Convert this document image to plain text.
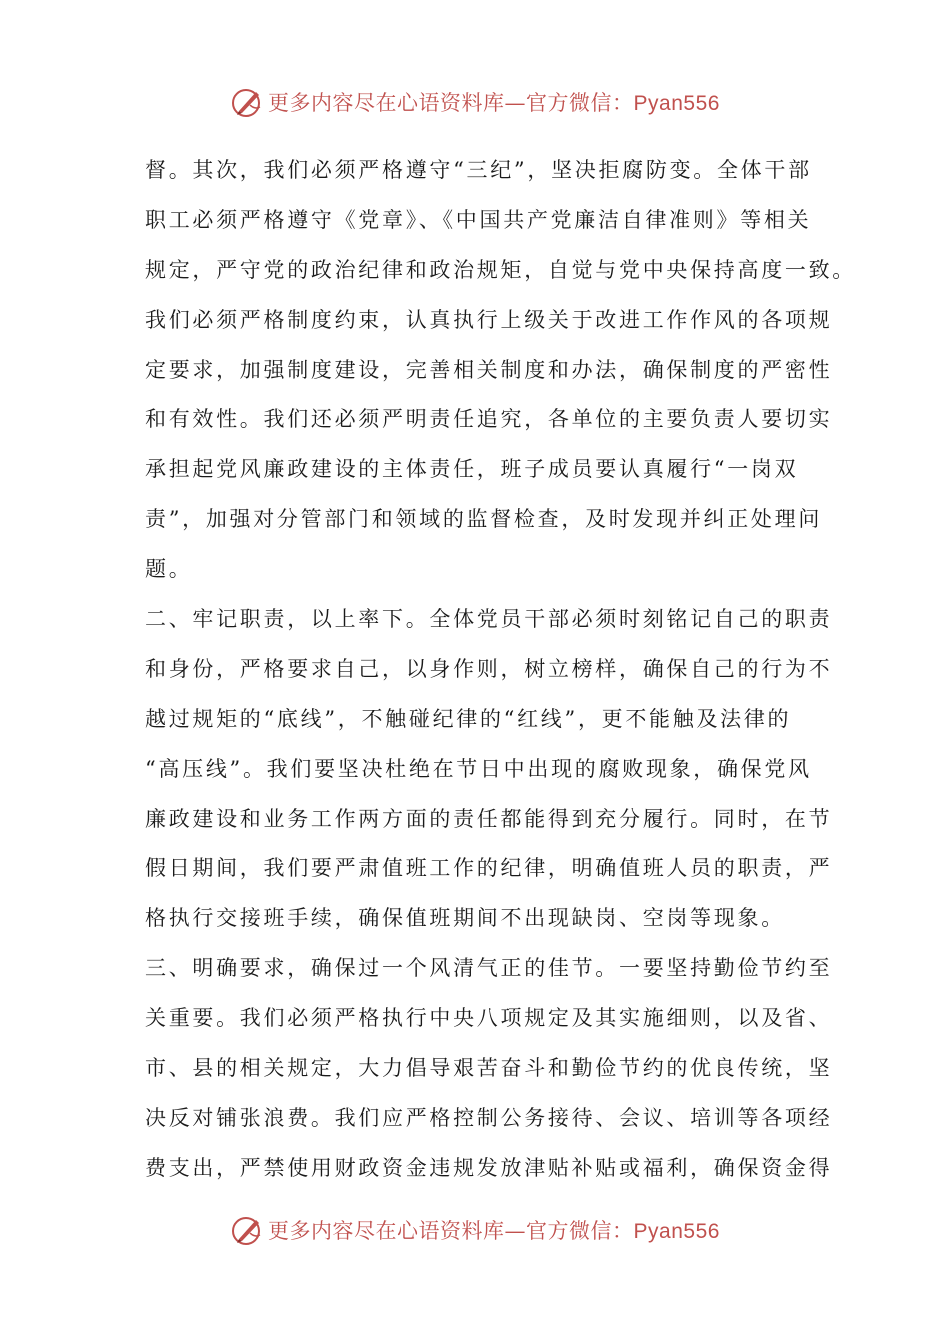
更多内容尽在心语资料库—官方微信：Pyan556
督。其次，我们必须严格遵守“三纪”，坚决拒腐防变。全体干部
职工必须严格遵守《党章》、《中国共产党廉洁自律准则》等相关
规定，严守党的政治纪律和政治规矩，自觉与党中央保持高度一致。
我们必须严格制度约束，认真执行上级关于改进工作作风的各项规
定要求，加强制度建设，完善相关制度和办法，确保制度的严密性
和有效性。我们还必须严明责任追究，各单位的主要负责人要切实
承担起党风廉政建设的主体责任，班子成员要认真履行“一岗双
责”，加强对分管部门和领域的监督检查，及时发现并纠正处理问
题。
二、牢记职责，以上率下。全体党员干部必须时刻铭记自己的职责
和身份，严格要求自己，以身作则，树立榜样，确保自己的行为不
越过规矩的“底线”，不触碰纪律的“红线”，更不能触及法律的
“高压线”。我们要坚决杜绝在节日中出现的腐败现象，确保党风
廉政建设和业务工作两方面的责任都能得到充分履行。同时，在节
假日期间，我们要严肃值班工作的纪律，明确值班人员的职责，严
格执行交接班手续，确保值班期间不出现缺岗、空岗等现象。
三、明确要求，确保过一个风清气正的佳节。一要坚持勤俭节约至
关重要。我们必须严格执行中央八项规定及其实施细则，以及省、
市、县的相关规定，大力倡导艰苦奋斗和勤俭节约的优良传统，坚
决反对铺张浪费。我们应严格控制公务接待、会议、培训等各项经
费支出，严禁使用财政资金违规发放津贴补贴或福利，确保资金得
更多内容尽在心语资料库—官方微信：Pyan556
